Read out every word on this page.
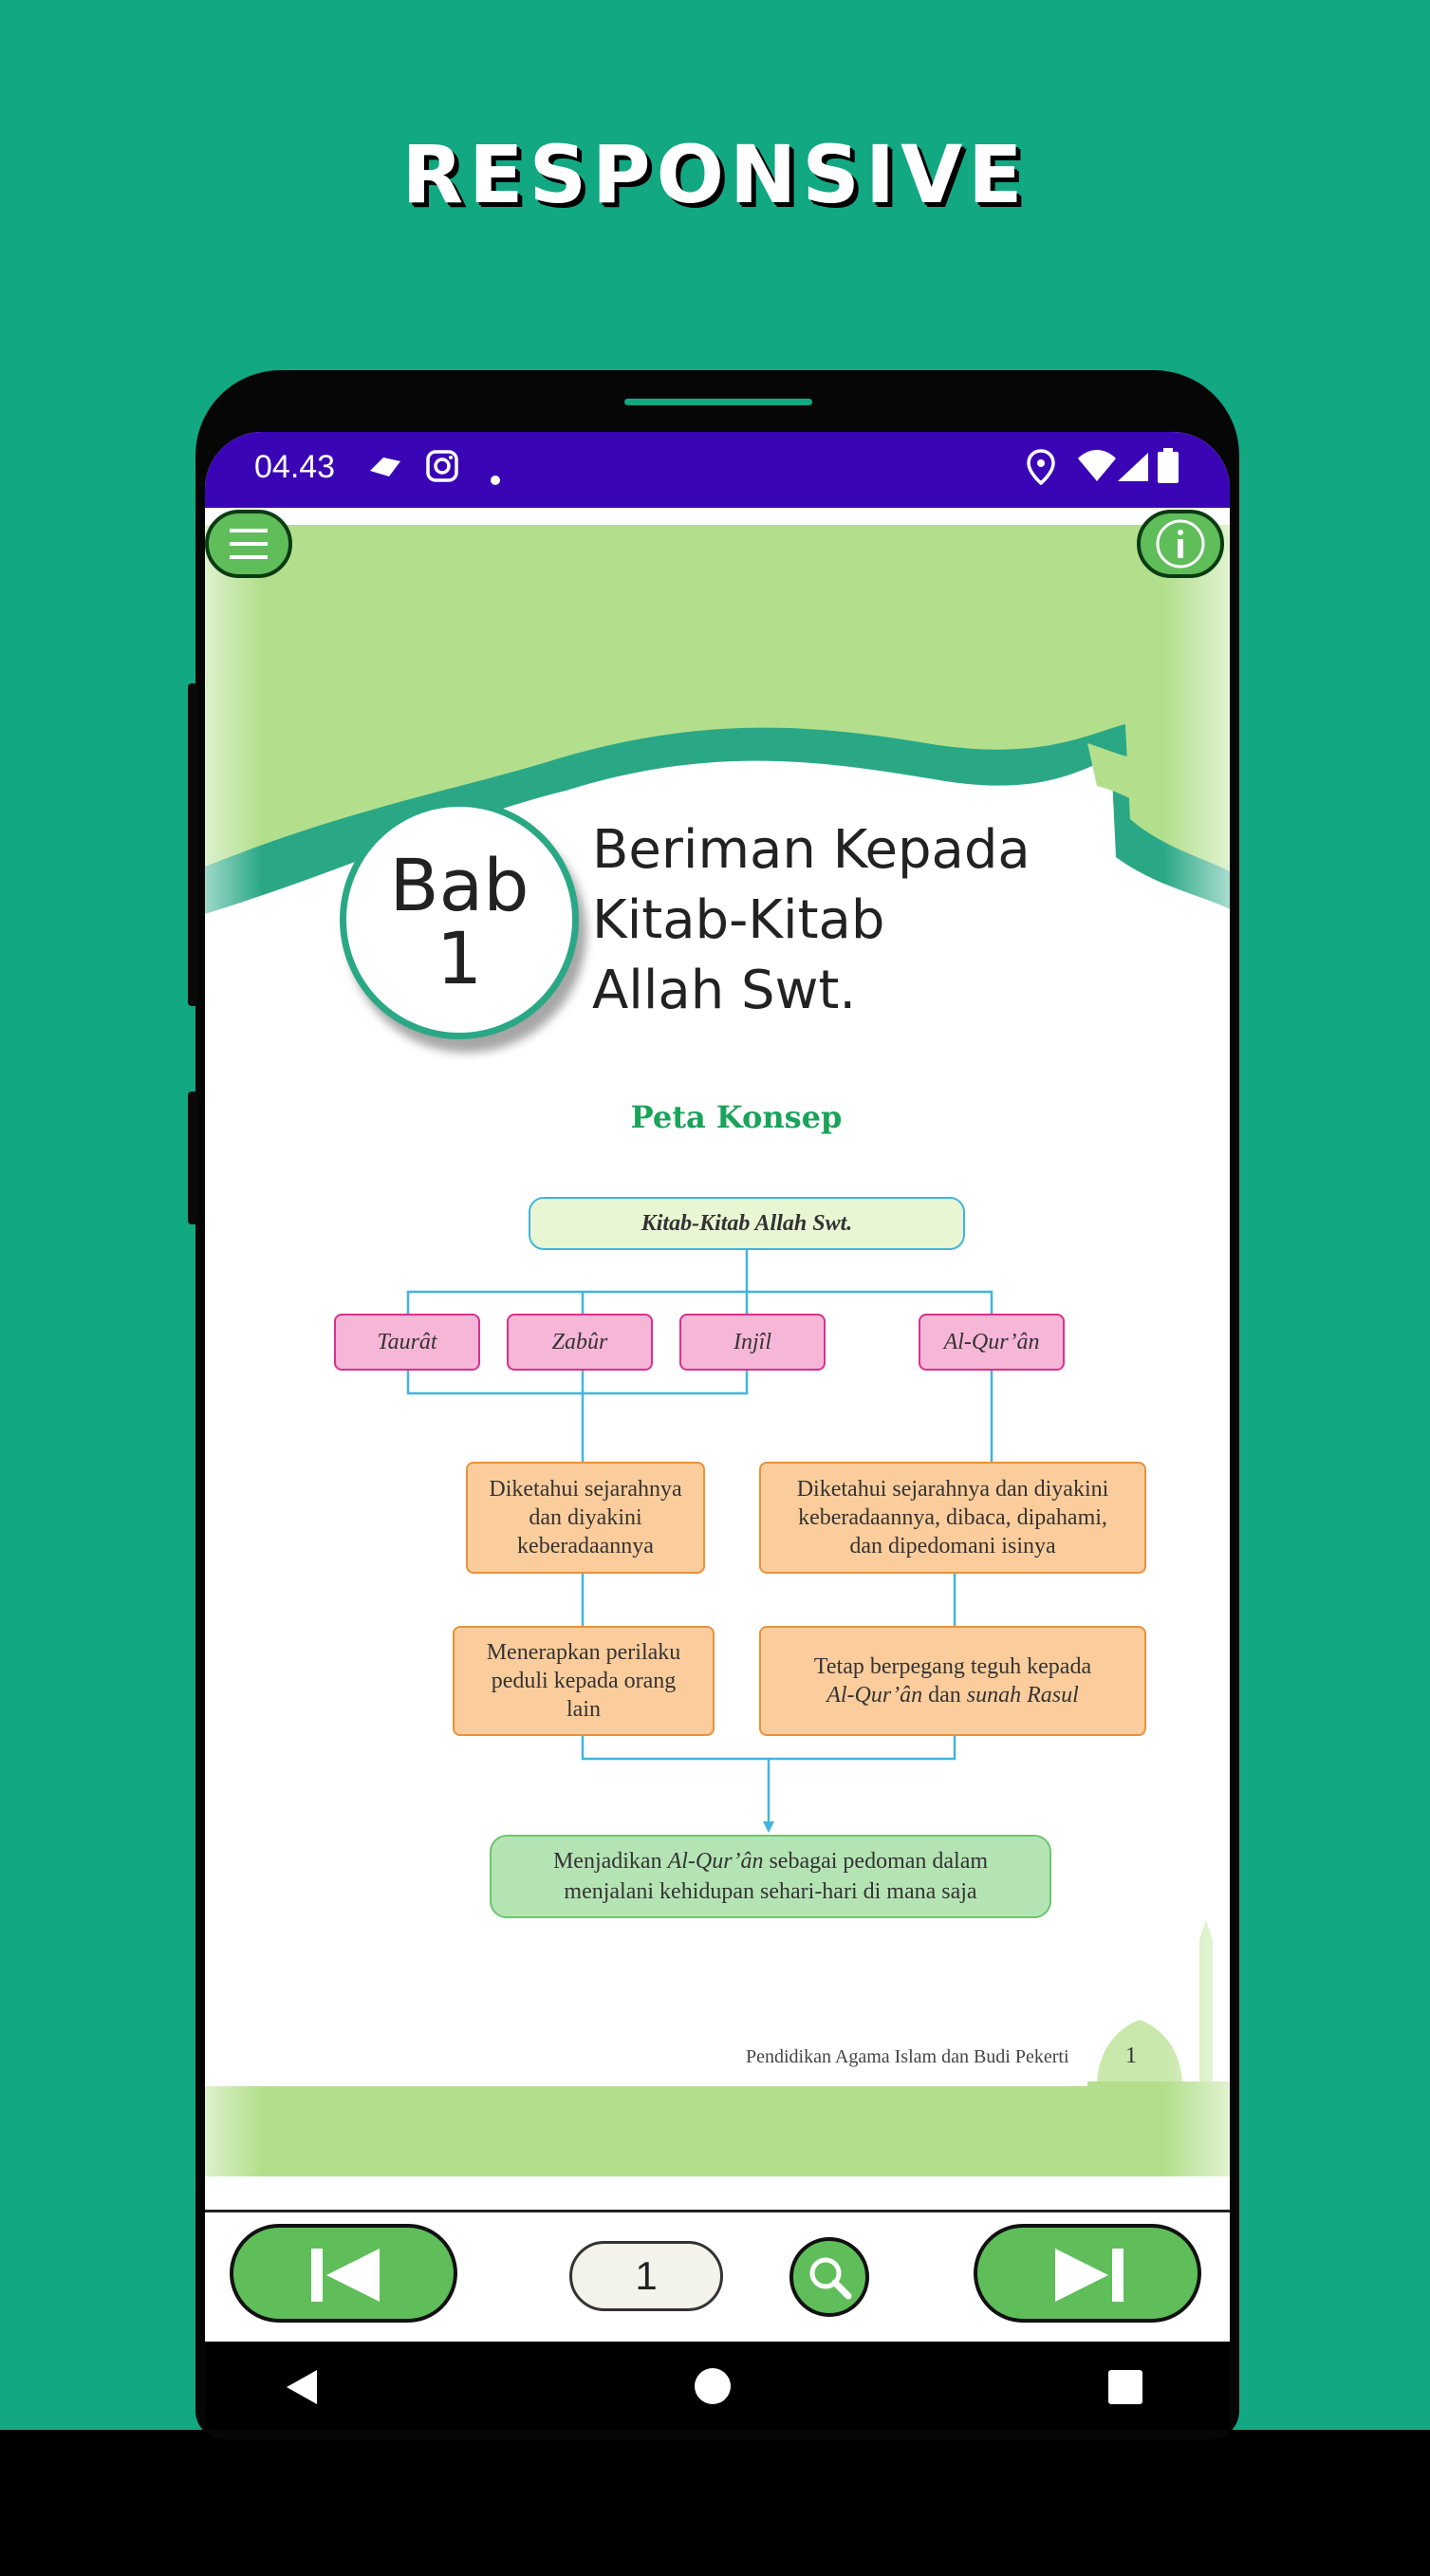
RESPONSIVE
04.43
Bab
1
Beriman Kepada
Kitab-Kitab
Allah Swt.
Peta Konsep
Kitab-Kitab Allah Swt.
Taurât	Zabûr	Injîl	Al-Qur’ân
Diketahui sejarahnya
dan diyakini
keberadaannya
Diketahui sejarahnya dan diyakini
keberadaannya, dibaca, dipahami,
dan dipedomani isinya
Menerapkan perilaku
peduli kepada orang
lain
Tetap berpegang teguh kepada
Al-Qur’ân dan sunah Rasul
Menjadikan Al-Qur’ân sebagai pedoman dalam
menjalani kehidupan sehari-hari di mana saja
Pendidikan Agama Islam dan Budi Pekerti 1
1
